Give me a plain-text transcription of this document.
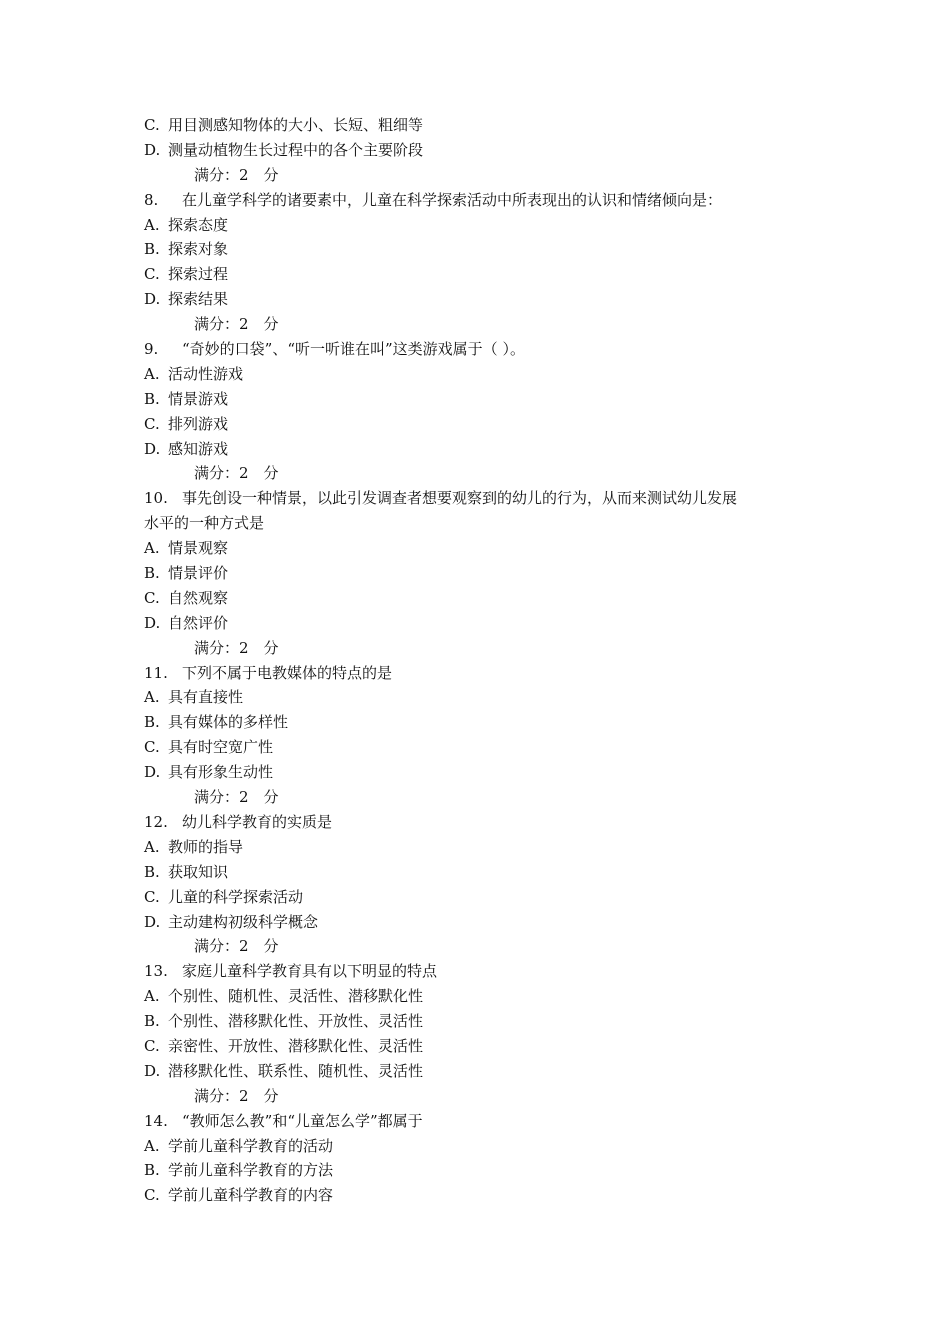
C. 用目测感知物体的大小、长短、粗细等
D. 测量动植物生长过程中的各个主要阶段
满分：2　分
8. 在儿童学科学的诸要素中，儿童在科学探索活动中所表现出的认识和情绪倾向是：
A. 探索态度
B. 探索对象
C. 探索过程
D. 探索结果
满分：2　分
9. “奇妙的口袋”、“听一听谁在叫”这类游戏属于（ ）。
A. 活动性游戏
B. 情景游戏
C. 排列游戏
D. 感知游戏
满分：2　分
10. 事先创设一种情景，以此引发调查者想要观察到的幼儿的行为，从而来测试幼儿发展
水平的一种方式是
A. 情景观察
B. 情景评价
C. 自然观察
D. 自然评价
满分：2　分
11. 下列不属于电教媒体的特点的是
A. 具有直接性
B. 具有媒体的多样性
C. 具有时空宽广性
D. 具有形象生动性
满分：2　分
12. 幼儿科学教育的实质是
A. 教师的指导
B. 获取知识
C. 儿童的科学探索活动
D. 主动建构初级科学概念
满分：2　分
13. 家庭儿童科学教育具有以下明显的特点
A. 个别性、随机性、灵活性、潜移默化性
B. 个别性、潜移默化性、开放性、灵活性
C. 亲密性、开放性、潜移默化性、灵活性
D. 潜移默化性、联系性、随机性、灵活性
满分：2　分
14. “教师怎么教”和“儿童怎么学”都属于
A. 学前儿童科学教育的活动
B. 学前儿童科学教育的方法
C. 学前儿童科学教育的内容
